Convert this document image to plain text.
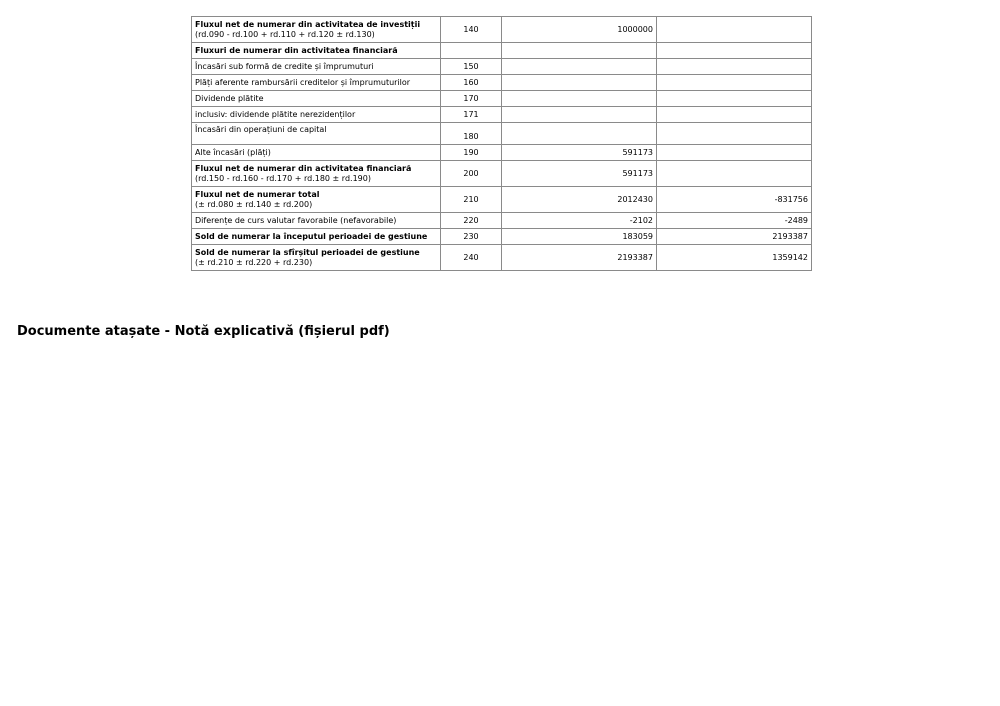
Fluxul net de numerar din activitatea de investiții
(rd.090 - rd.100 + rd.110 + rd.120 ± rd.130)	140	1000000	

Fluxuri de numerar din activitatea financiară			

Încasări sub formă de credite și împrumuturi	150		

Plăți aferente rambursării creditelor și împrumuturilor	160		

Dividende plătite	170		

inclusiv: dividende plătite nerezidenților	171		

Încasări din operațiuni de capital	180		

Alte încasări (plăți)	190	591173	

Fluxul net de numerar din activitatea financiară
(rd.150 - rd.160 - rd.170 + rd.180 ± rd.190)	200	591173	

Fluxul net de numerar total
(± rd.080 ± rd.140 ± rd.200)	210	2012430	-831756

Diferențe de curs valutar favorabile (nefavorabile)	220	-2102	-2489

Sold de numerar la începutul perioadei de gestiune	230	183059	2193387

Sold de numerar la sfîrșitul perioadei de gestiune
(± rd.210 ± rd.220 + rd.230)	240	2193387	1359142
Documente atașate - Notă explicativă (fișierul pdf)
